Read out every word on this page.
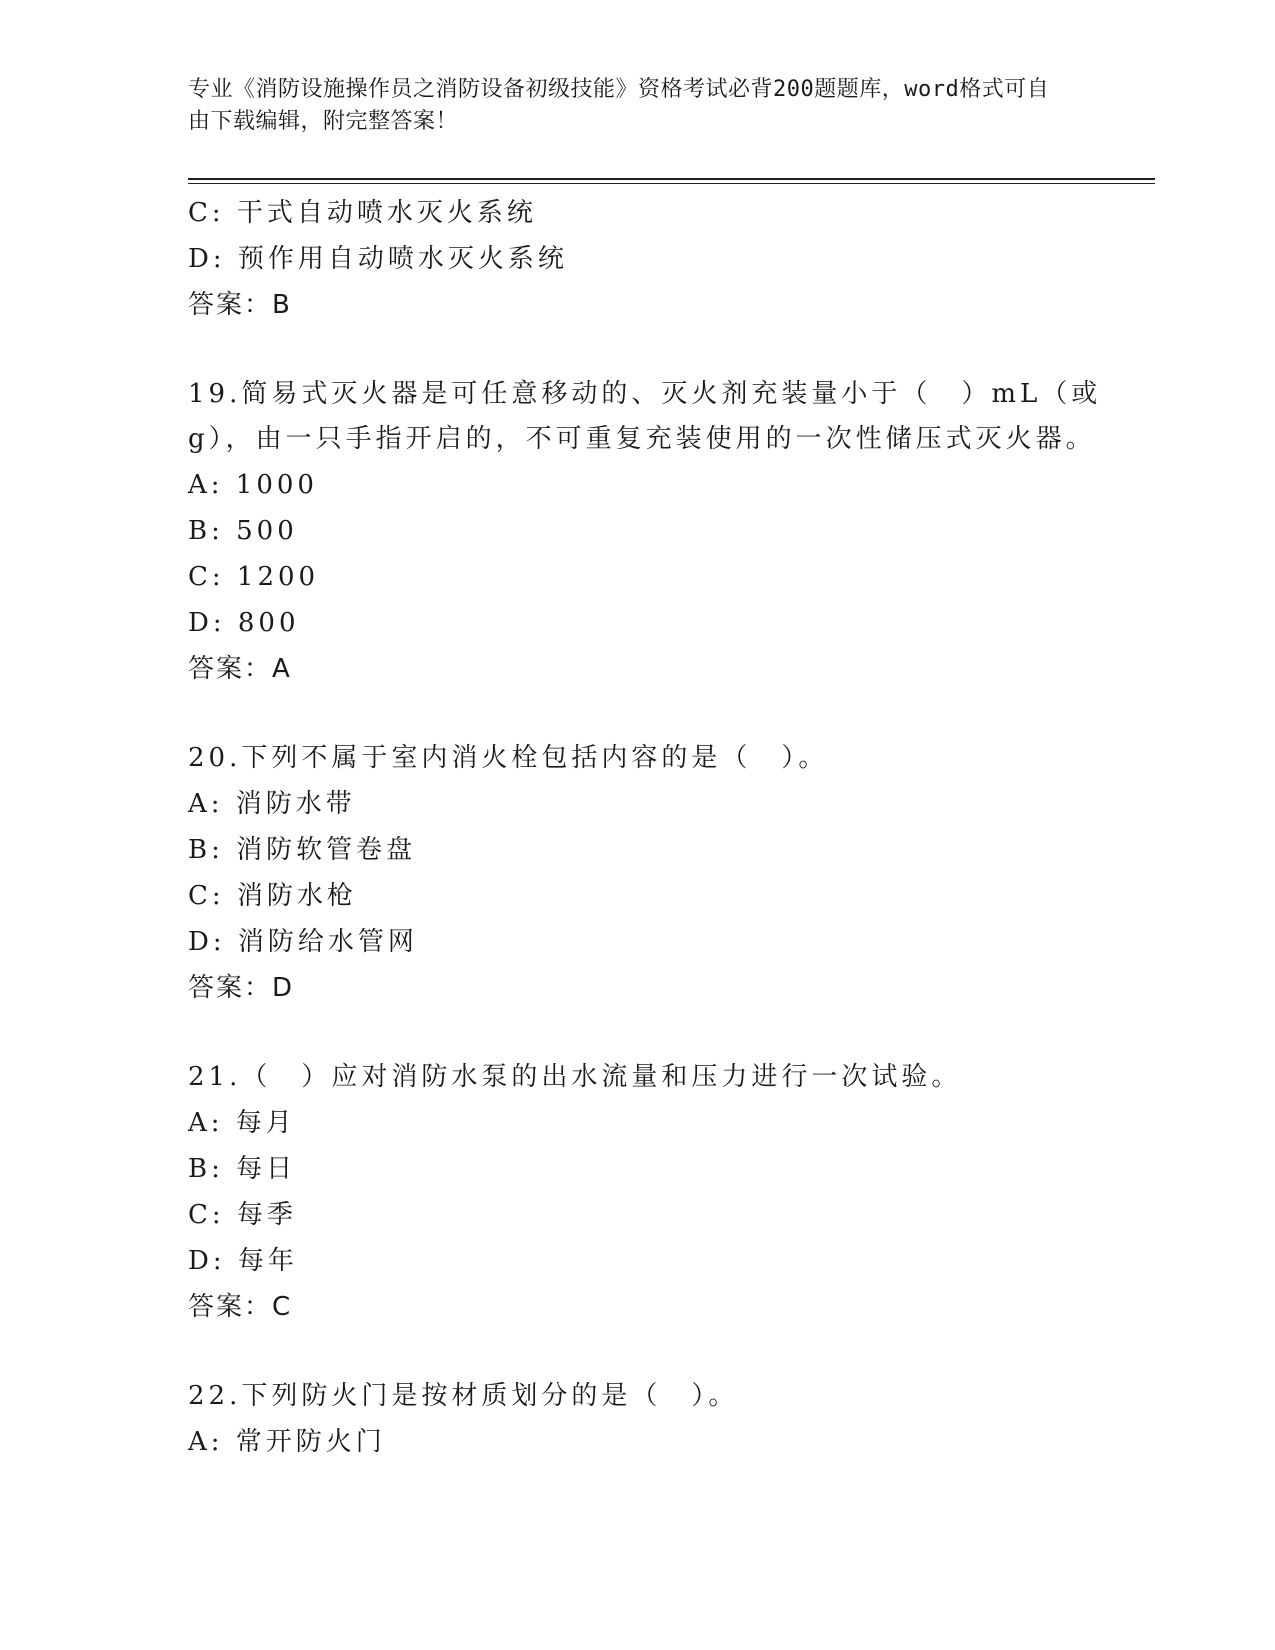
专业《消防设施操作员之消防设备初级技能》资格考试必背200题题库，word格式可自由下载编辑，附完整答案！
C: 干式自动喷水灭火系统
D: 预作用自动喷水灭火系统
答案：B
19.简易式灭火器是可任意移动的、灭火剂充装量小于（　）mL（或g），由一只手指开启的，不可重复充装使用的一次性储压式灭火器。
A: 1000
B: 500
C: 1200
D: 800
答案：A
20.下列不属于室内消火栓包括内容的是（　）。
A: 消防水带
B: 消防软管卷盘
C: 消防水枪
D: 消防给水管网
答案：D
21.（　）应对消防水泵的出水流量和压力进行一次试验。
A: 每月
B: 每日
C: 每季
D: 每年
答案：C
22.下列防火门是按材质划分的是（　）。
A: 常开防火门
